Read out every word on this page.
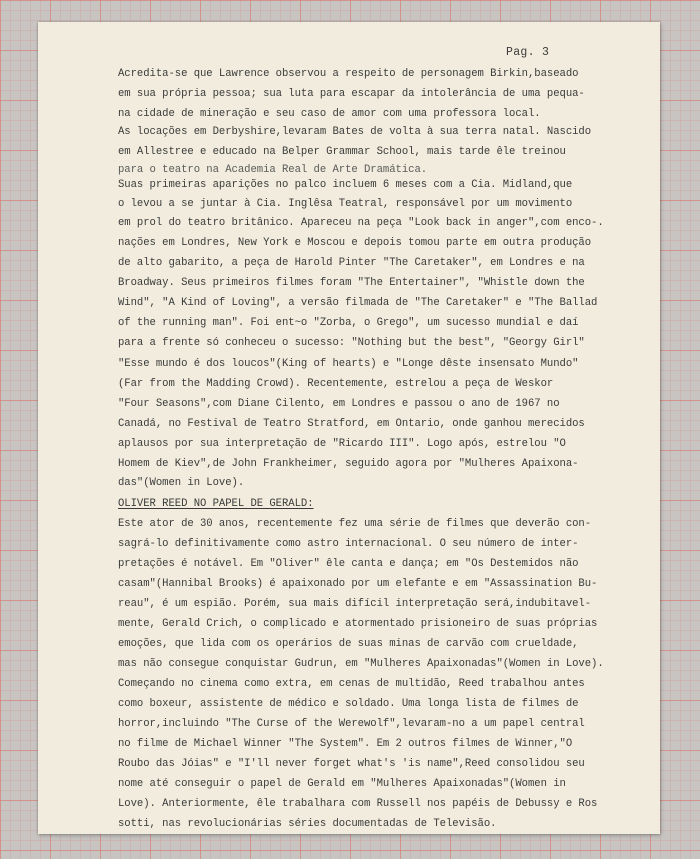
Pag. 3
Acredita-se que Lawrence observou a respeito de personagem Birkin,baseado
em sua própria pessoa; sua luta para escapar da intolerância de uma pequa-
na cidade de mineração e seu caso de amor com uma professora local.
As locações em Derbyshire,levaram Bates de volta à sua terra natal. Nascido
em Allestree e educado na Belper Grammar School, mais tarde êle treinou
para o teatro na Academia Real de Arte Dramática.
Suas primeiras aparições no palco incluem 6 meses com a Cia. Midland,que
o levou a se juntar à Cia. Inglêsa Teatral, responsável por um movimento
em prol do teatro britânico. Apareceu na peça "Look back in anger",com enco-.
nações em Londres, New York e Moscou e depois tomou parte em outra produção
de alto gabarito, a peça de Harold Pinter "The Caretaker", em Londres e na
Broadway. Seus primeiros filmes foram "The Entertainer", "Whistle down the
Wind", "A Kind of Loving", a versão filmada de "The Caretaker" e "The Ballad
of the running man". Foi ent~o "Zorba, o Grego", um sucesso mundial e daí
para a frente só conheceu o sucesso: "Nothing but the best", "Georgy Girl"
"Esse mundo é dos loucos"(King of hearts) e "Longe dêste insensato Mundo"
(Far from the Madding Crowd). Recentemente, estrelou a peça de Weskor
"Four Seasons",com Diane Cilento, em Londres e passou o ano de 1967 no
Canadá, no Festival de Teatro Stratford, em Ontario, onde ganhou merecidos
aplausos por sua interpretação de "Ricardo III". Logo após, estrelou "O
Homem de Kiev",de John Frankheimer, seguido agora por "Mulheres Apaixona-
das"(Women in Love).
OLIVER REED NO PAPEL DE GERALD:
Este ator de 30 anos, recentemente fez uma série de filmes que deverão con-
sagrá-lo definitivamente como astro internacional. O seu número de inter-
pretações é notável. Em "Oliver" êle canta e dança; em "Os Destemidos não
casam"(Hannibal Brooks) é apaixonado por um elefante e em "Assassination Bu-
reau", é um espião. Porém, sua mais difícil interpretação será,indubitavel-
mente, Gerald Crich, o complicado e atormentado prisioneiro de suas próprias
emoções, que lida com os operários de suas minas de carvão com crueldade,
mas não consegue conquistar Gudrun, em "Mulheres Apaixonadas"(Women in Love).
Começando no cinema como extra, em cenas de multidão, Reed trabalhou antes
como boxeur, assistente de médico e soldado. Uma longa lista de filmes de
horror,incluindo "The Curse of the Werewolf",levaram-no a um papel central
no filme de Michael Winner "The System". Em 2 outros filmes de Winner,"O
Roubo das Jóias" e "I'll never forget what's 'is name",Reed consolidou seu
nome até conseguir o papel de Gerald em "Mulheres Apaixonadas"(Women in
Love). Anteriormente, êle trabalhara com Russell nos papéis de Debussy e Ros
sotti, nas revolucionárias séries documentadas de Televisão.
